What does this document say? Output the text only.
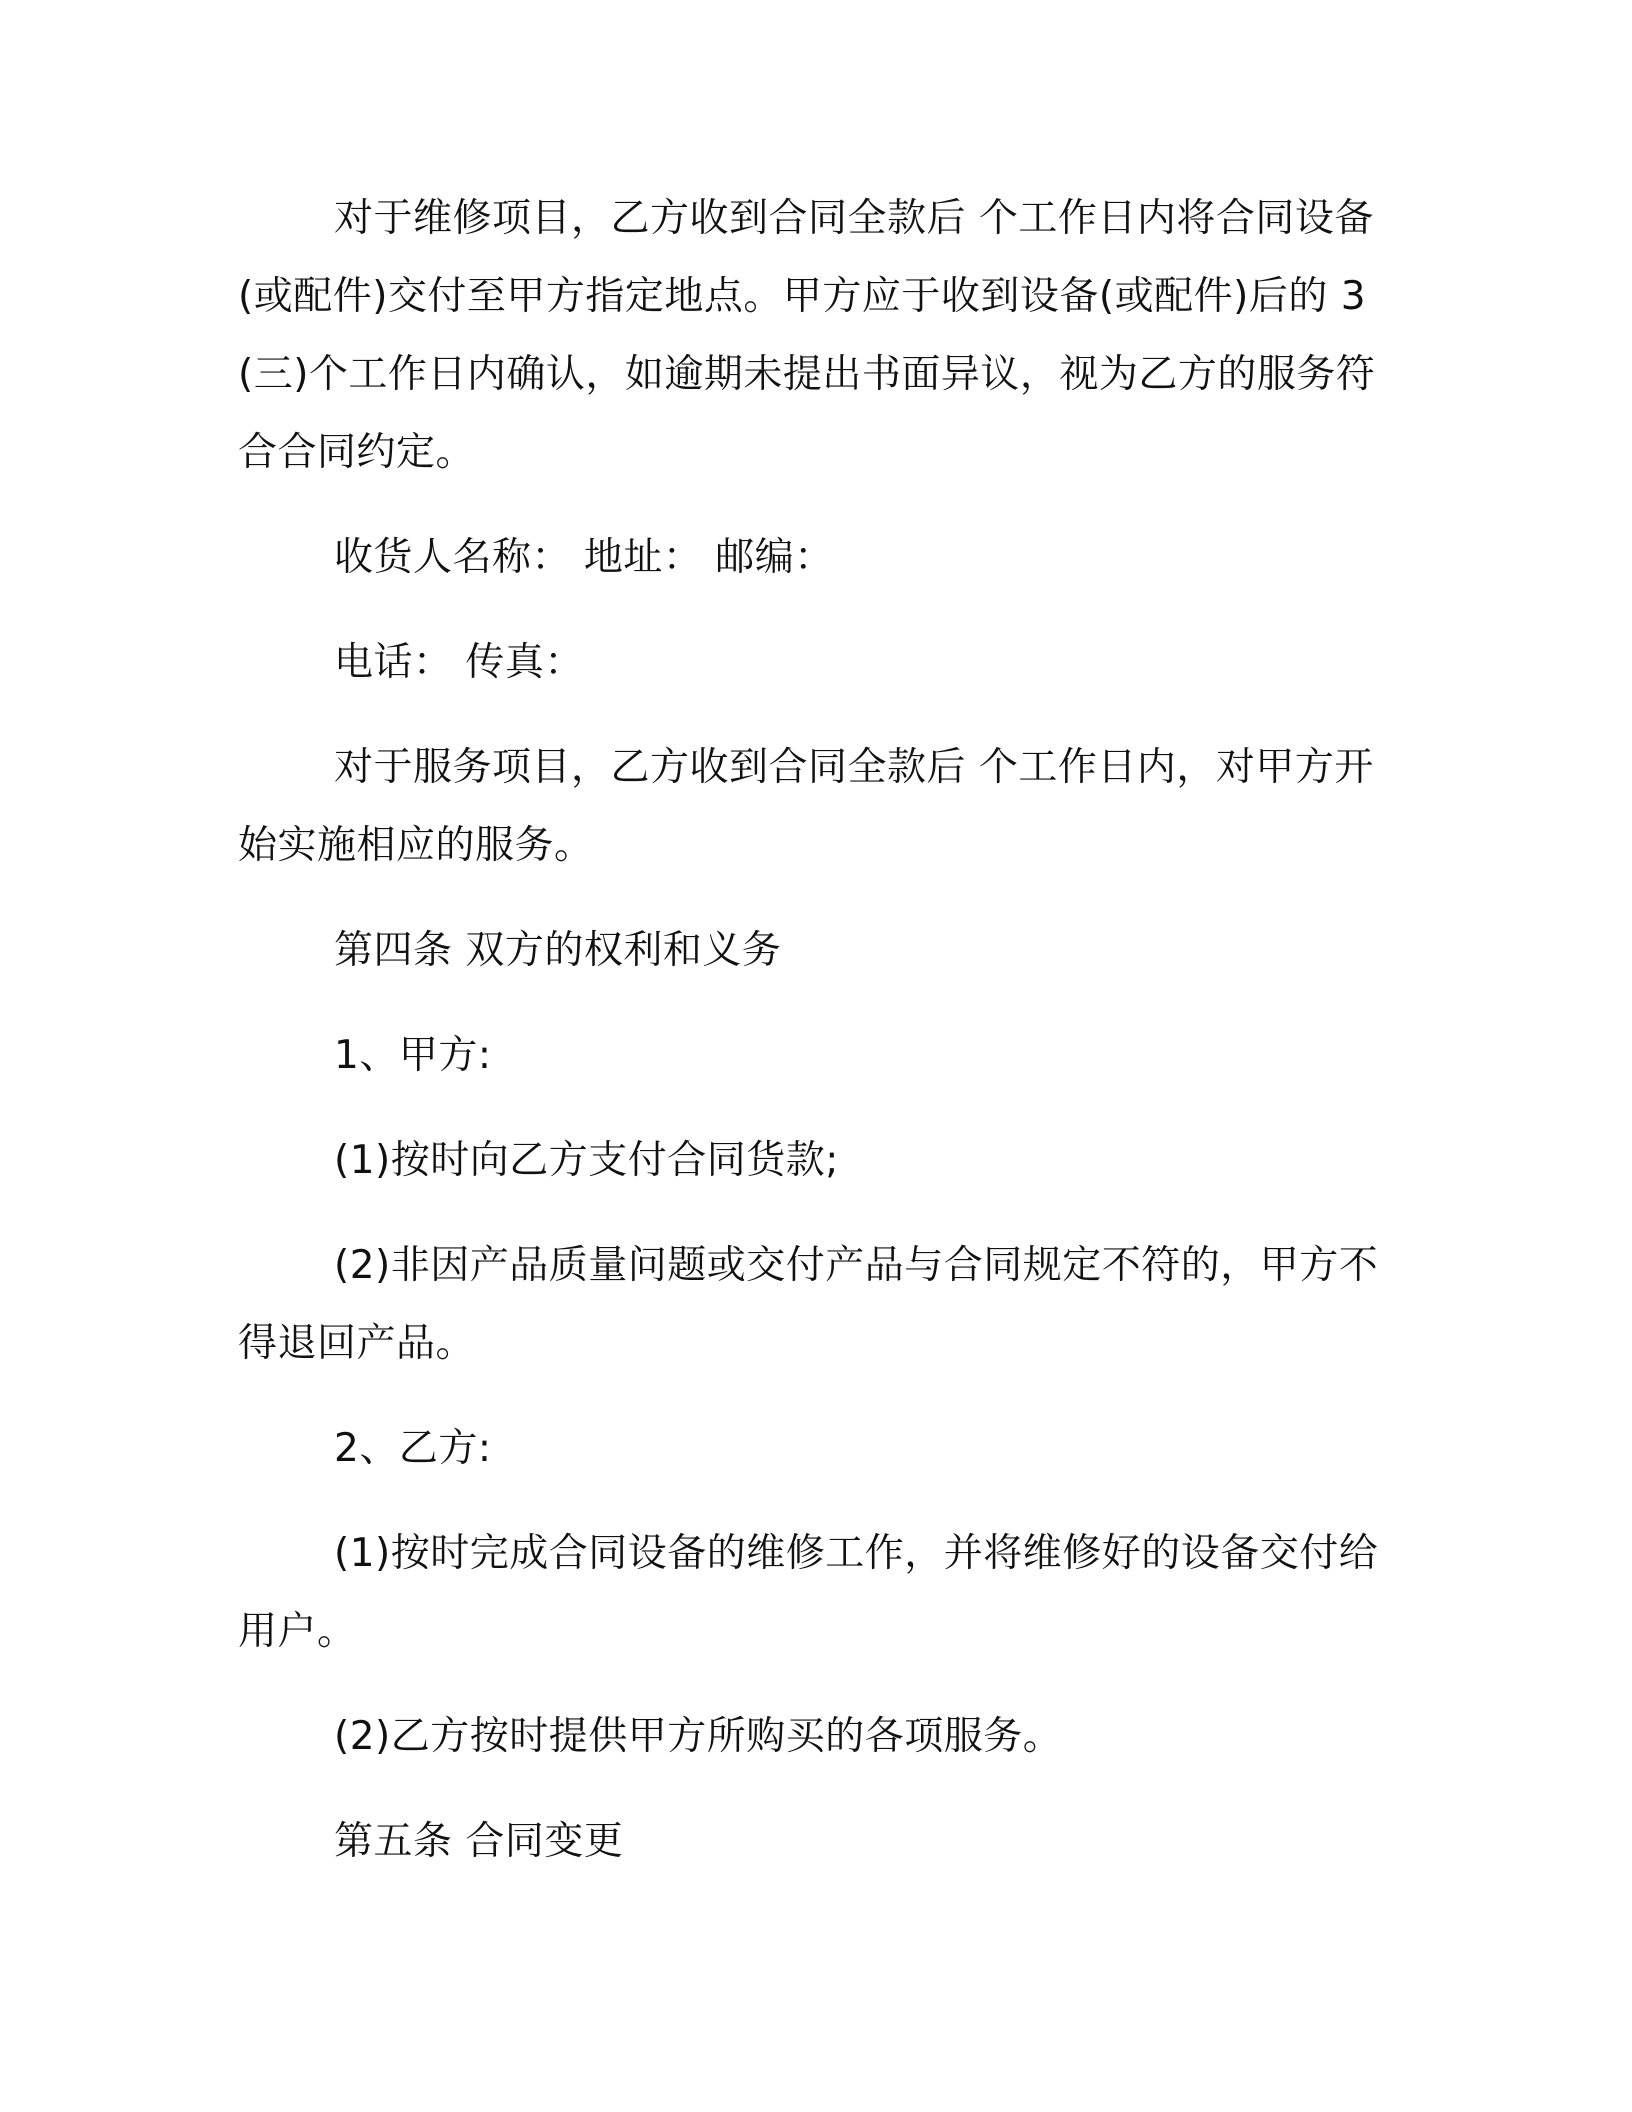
对于维修项目，乙方收到合同全款后 个工作日内将合同设备(或配件)交付至甲方指定地点。甲方应于收到设备(或配件)后的 3(三)个工作日内确认，如逾期未提出书面异议，视为乙方的服务符合合同约定。

收货人名称： 地址： 邮编：

电话： 传真：

对于服务项目，乙方收到合同全款后 个工作日内，对甲方开始实施相应的服务。

第四条 双方的权利和义务

1、甲方:

(1)按时向乙方支付合同货款;

(2)非因产品质量问题或交付产品与合同规定不符的，甲方不得退回产品。

2、乙方:

(1)按时完成合同设备的维修工作，并将维修好的设备交付给用户。

(2)乙方按时提供甲方所购买的各项服务。

第五条 合同变更
